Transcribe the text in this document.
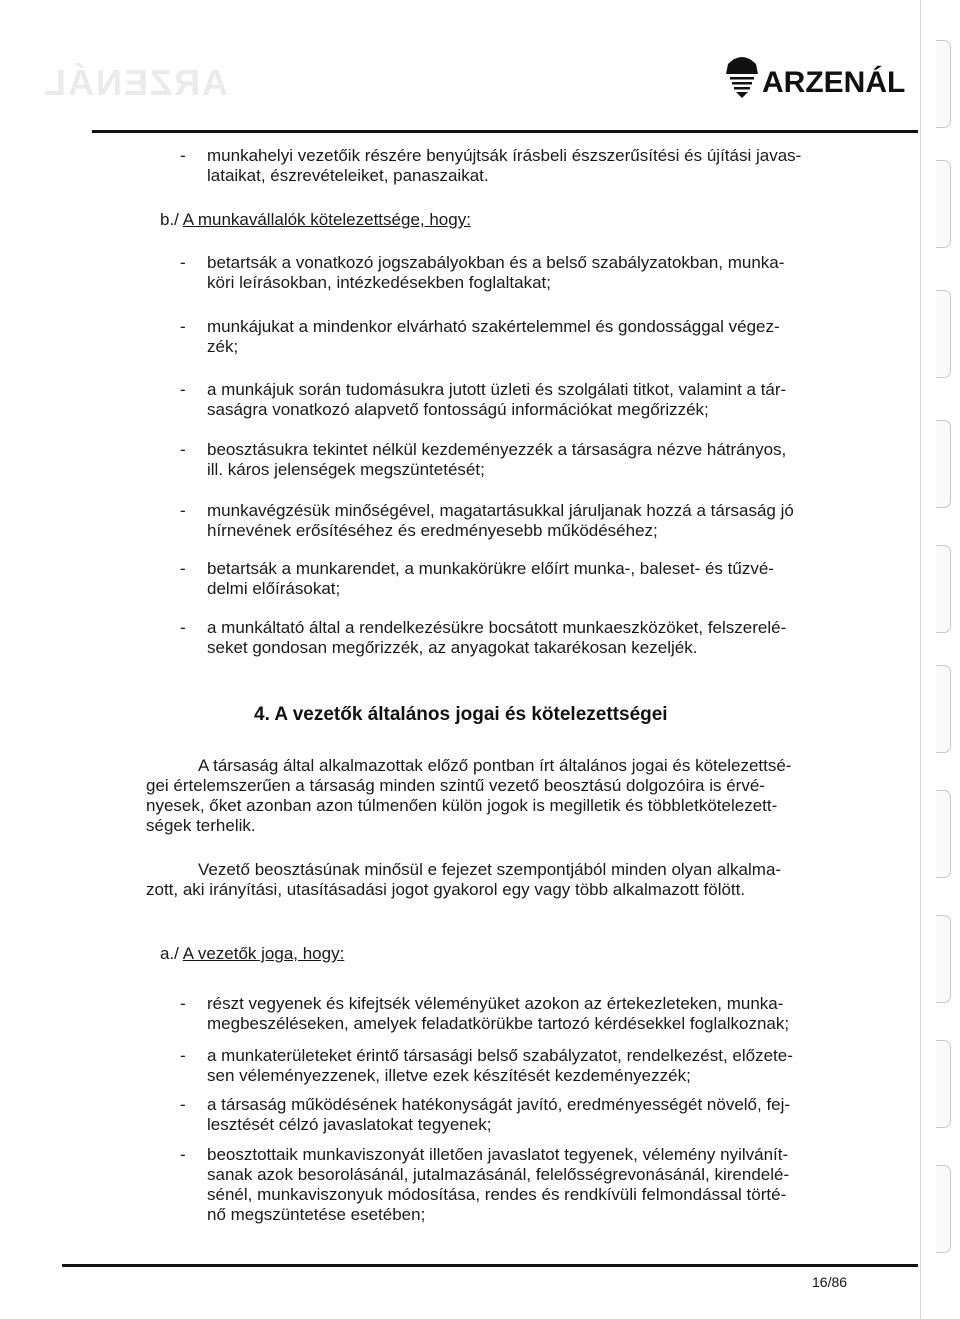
ARZENÁL	ARZENÁL
- munkahelyi vezetőik részére benyújtsák írásbeli észszerűsítési és újítási javas-
lataikat, észrevételeiket, panaszaikat.
b./ A munkavállalók kötelezettsége, hogy:
- betartsák a vonatkozó jogszabályokban és a belső szabályzatokban, munka-
köri leírásokban, intézkedésekben foglaltakat;
- munkájukat a mindenkor elvárható szakértelemmel és gondossággal végez-
zék;
- a munkájuk során tudomásukra jutott üzleti és szolgálati titkot, valamint a tár-
saságra vonatkozó alapvető fontosságú információkat megőrizzék;
- beosztásukra tekintet nélkül kezdeményezzék a társaságra nézve hátrányos,
ill. káros jelenségek megszüntetését;
- munkavégzésük minőségével, magatartásukkal járuljanak hozzá a társaság jó
hírnevének erősítéséhez és eredményesebb működéséhez;
- betartsák a munkarendet, a munkakörükre előírt munka-, baleset- és tűzvé-
delmi előírásokat;
- a munkáltató által a rendelkezésükre bocsátott munkaeszközöket, felszerelé-
seket gondosan megőrizzék, az anyagokat takarékosan kezeljék.
4. A vezetők általános jogai és kötelezettségei
A társaság által alkalmazottak előző pontban írt általános jogai és kötelezettsé-
gei értelemszerűen a társaság minden szintű vezető beosztású dolgozóira is érvé-
nyesek, őket azonban azon túlmenően külön jogok is megilletik és többletkötelezett-
ségek terhelik.
Vezető beosztásúnak minősül e fejezet szempontjából minden olyan alkalma-
zott, aki irányítási, utasításadási jogot gyakorol egy vagy több alkalmazott fölött.
a./ A vezetők joga, hogy:
- részt vegyenek és kifejtsék véleményüket azokon az értekezleteken, munka-
megbeszéléseken, amelyek feladatkörükbe tartozó kérdésekkel foglalkoznak;
- a munkaterületeket érintő társasági belső szabályzatot, rendelkezést, előzete-
sen véleményezzenek, illetve ezek készítését kezdeményezzék;
- a társaság működésének hatékonyságát javító, eredményességét növelő, fej-
lesztését célzó javaslatokat tegyenek;
- beosztottaik munkaviszonyát illetően javaslatot tegyenek, vélemény nyilvánít-
sanak azok besorolásánál, jutalmazásánál, felelősségrevonásánál, kirendelé-
sénél, munkaviszonyuk módosítása, rendes és rendkívüli felmondással törté-
nő megszüntetése esetében;
16/86
